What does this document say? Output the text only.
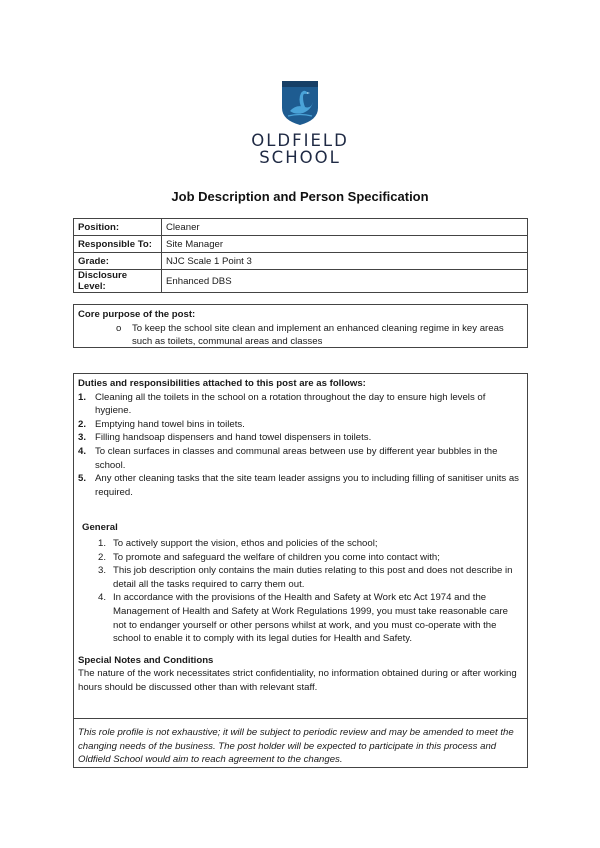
OLDFIELD
SCHOOL
Job Description and Person Specification
Position:	Cleaner
Responsible To:	Site Manager
Grade:	NJC Scale 1 Point 3
Disclosure Level:	Enhanced DBS
Core purpose of the post:
o	To keep the school site clean and implement an enhanced cleaning regime in key areas such as toilets, communal areas and classes
Duties and responsibilities attached to this post are as follows:
1. Cleaning all the toilets in the school on a rotation throughout the day to ensure high levels of hygiene.
2. Emptying hand towel bins in toilets.
3. Filling handsoap dispensers and hand towel dispensers in toilets.
4. To clean surfaces in classes and communal areas between use by different year bubbles in the school.
5. Any other cleaning tasks that the site team leader assigns you to including filling of sanitiser units as required.
General
1. To actively support the vision, ethos and policies of the school;
2. To promote and safeguard the welfare of children you come into contact with;
3. This job description only contains the main duties relating to this post and does not describe in detail all the tasks required to carry them out.
4. In accordance with the provisions of the Health and Safety at Work etc Act 1974 and the Management of Health and Safety at Work Regulations 1999, you must take reasonable care not to endanger yourself or other persons whilst at work, and you must co-operate with the school to enable it to comply with its legal duties for Health and Safety.
Special Notes and Conditions
The nature of the work necessitates strict confidentiality, no information obtained during or after working hours should be discussed other than with relevant staff.
This role profile is not exhaustive; it will be subject to periodic review and may be amended to meet the changing needs of the business. The post holder will be expected to participate in this process and Oldfield School would aim to reach agreement to the changes.
